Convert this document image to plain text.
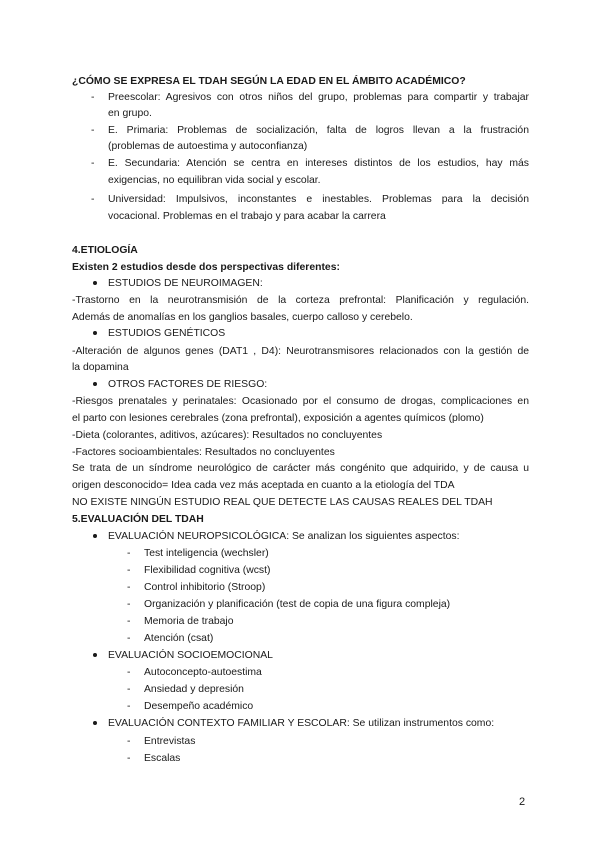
¿CÓMO SE EXPRESA EL TDAH SEGÚN LA EDAD EN EL ÁMBITO ACADÉMICO?
- Preescolar: Agresivos con otros niños del grupo, problemas para compartir y trabajar
en grupo.
- E. Primaria: Problemas de socialización, falta de logros llevan a la frustración
(problemas de autoestima y autoconfianza)
- E. Secundaria: Atención se centra en intereses distintos de los estudios, hay más
exigencias, no equilibran vida social y escolar.
- Universidad: Impulsivos, inconstantes e inestables. Problemas para la decisión
vocacional. Problemas en el trabajo y para acabar la carrera
4.ETIOLOGÍA
Existen 2 estudios desde dos perspectivas diferentes:
ESTUDIOS DE NEUROIMAGEN:
-Trastorno en la neurotransmisión de la corteza prefrontal: Planificación y regulación.
Además de anomalías en los ganglios basales, cuerpo calloso y cerebelo.
ESTUDIOS GENÉTICOS
-Alteración de algunos genes (DAT1 , D4): Neurotransmisores relacionados con la gestión de
la dopamina
OTROS FACTORES DE RIESGO:
-Riesgos prenatales y perinatales: Ocasionado por el consumo de drogas, complicaciones en
el parto con lesiones cerebrales (zona prefrontal), exposición a agentes químicos (plomo)
-Dieta (colorantes, aditivos, azúcares): Resultados no concluyentes
-Factores socioambientales: Resultados no concluyentes
Se trata de un síndrome neurológico de carácter más congénito que adquirido, y de causa u
origen desconocido= Idea cada vez más aceptada en cuanto a la etiología del TDA
NO EXISTE NINGÚN ESTUDIO REAL QUE DETECTE LAS CAUSAS REALES DEL TDAH
5.EVALUACIÓN DEL TDAH
EVALUACIÓN NEUROPSICOLÓGICA: Se analizan los siguientes aspectos:
- Test inteligencia (wechsler)
- Flexibilidad cognitiva (wcst)
- Control inhibitorio (Stroop)
- Organización y planificación (test de copia de una figura compleja)
- Memoria de trabajo
- Atención (csat)
EVALUACIÓN SOCIOEMOCIONAL
- Autoconcepto-autoestima
- Ansiedad y depresión
- Desempeño académico
EVALUACIÓN CONTEXTO FAMILIAR Y ESCOLAR: Se utilizan instrumentos como:
- Entrevistas
- Escalas
2
